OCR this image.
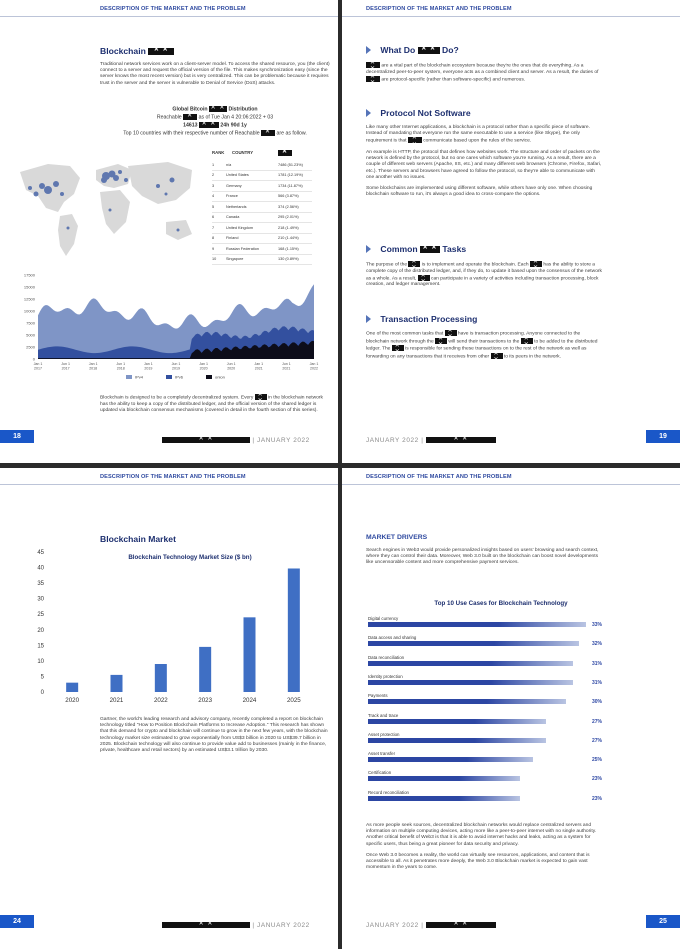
DESCRIPTION OF THE MARKET AND THE PROBLEM
Blockchain ✕ ✕
Traditional network services work on a client-server model. To access the shared resource, you (the client) connect to a server and request the official version of the file. This makes synchronization easy (since the server knows the most recent version) but is very centralized. This can be problematic because it requires trust in the server and the server is vulnerable to Denial of Service (DoS) attacks.
Global Bitcoin ✕ ✕	Distribution
Reachable ✕ ✕	as of Tue Jan 4 20:06:2022 + 03
14613 ✕ ✕	24h 90d 1y
Top 10 countries with their respective number of Reachable ✕ ✕	are as follow.
RANK	COUNTRY
✕ ✕
1	n/a	7486 (51.23%)
2	United States	1781 (12.19%)
3	Germany	1734 (11.87%)
4	France	566 (3.87%)
5	Netherlands	374 (2.56%)
6	Canada	295 (2.01%)
7	United Kingdom	218 (1.49%)
8	Finland	210 (1.44%)
9	Russian Federation	168 (1.15%)
10	Singapore	130 (0.89%)
17500
15000
12500
10000
7500
5000
2500
0
Jan 1
2017
Jun 1
2017
Jan 1
2018
Jun 1
2018
Jan 1
2019
Jun 1
2019
Jan 1
2020
Jun 1
2020
Jan 1
2021
Jun 1
2021
Jan 1
2022
IPv4	IPv6	onion
Blockchain is designed to be a completely decentralized system. Every ✕ ✕	in the blockchain network has the ability to keep a copy of the distributed ledger, and the official version of the shared ledger is updated via blockchain consensus mechanisms (covered in detail in the fourth section of this series).
18
✕ ✕ | JANUARY 2022
DESCRIPTION OF THE MARKET AND THE PROBLEM
What Do ✕ ✕	Do?
✕ ✕ are a vital part of the blockchain ecosystem because they're the ones that do everything. As a decentralized peer-to-peer system, everyone acts as a combined client and server. As a result, the duties of ✕ ✕ are protocol-specific (rather than software-specific) and numerous.
Protocol Not Software

Like many other Internet applications, a blockchain is a protocol rather than a specific piece of software. Instead of mandating that everyone run the same executable to use a service (like Skype), the only requirement is that ✕ ✕	communicate based upon the rules of the service.

An example is HTTP, the protocol that defines how websites work. The structure and order of packets on the network is defined by the protocol, but no one cares which software you're running. As a result, there are a couple of different web servers (Apache, IIS, etc.) and many different web browsers (Chrome, Firefox, Safari, etc.). These servers and browsers have agreed to follow the protocol, so they're able to communicate with one another with no issues.

Some blockchains are implemented using different software, while others have only one. When choosing blockchain software to run, it's always a good idea to cross-compare the options.

Common ✕ ✕	Tasks
The purpose of the ✕ ✕	is to implement and operate the blockchain. Each ✕ ✕	has the ability to store a complete copy of the distributed ledger, and, if they do, to update it based upon the consensus of the network as a whole. As a result, ✕ ✕	can participate in a variety of activities including transaction processing, block creation, and ledger management.
Transaction Processing
One of the most common tasks that ✕ ✕	have is transaction processing. Anyone connected to the blockchain network through the ✕ ✕	will send their transactions to the ✕ ✕	to be added to the distributed ledger. The ✕ ✕	is responsible for sending these transactions on to the rest of the network as well as forwarding on any transactions that it receives from other ✕ ✕	to its peers in the network.
JANUARY 2022 | ✕ ✕
19
DESCRIPTION OF THE MARKET AND THE PROBLEM
Blockchain Market
Blockchain Technology Market Size ($ bn)
Gartner, the world's leading research and advisory company, recently completed a report on blockchain technology titled "How to Position Blockchain Platforms to Increase Adoption." This research has shown that this demand for crypto and blockchain will continue to grow in the next few years, with the blockchain technology market size estimated to grow exponentially from US$3 billion in 2020 to US$39.7 billion in 2025. Blockchain technology will also continue to provide value add to businesses (mainly in the finance, private, healthcare and retail sectors) by an estimated US$3.1 trillion by 2030.
24
✕ ✕ | JANUARY 2022
0
5
10
15
20
25
30
35
40
45
2020	2021	2022	2023	2024	2025
DESCRIPTION OF THE MARKET AND THE PROBLEM
MARKET DRIVERS
Search engines in Web3 would provide personalized insights based on users' browsing and search context, where they can control their data. Moreover, Web 3.0 built on the blockchain can boost novel developments like uncensorable content and more comprehensive payment services.
Top 10 Use Cases for Blockchain Technology
Digital currency
33%
Data access and sharing
32%
Data reconciliation
31%
Identity protection
31%
Payments
30%
Track and trace
27%
Asset protection
27%
Asset transfer
25%
Certification
23%
Record reconciliation
23%

As more people seek sources, decentralized blockchain networks would replace centralized servers and information on multiple computing devices, acting more like a peer-to-peer internet with no single authority. Another critical benefit of Web3 is that it is able to avoid internet hacks and leaks, acting as a system for specific users, thus being a great pioneer for data security and privacy.

Once Web 3.0 becomes a reality, the world can virtually see resources, applications, and content that is accessible to all. As it penetrates more deeply, the Web 3.0 Blockchain market is expected to gain vast momentum in the years to come.

JANUARY 2022 | ✕ ✕
25
